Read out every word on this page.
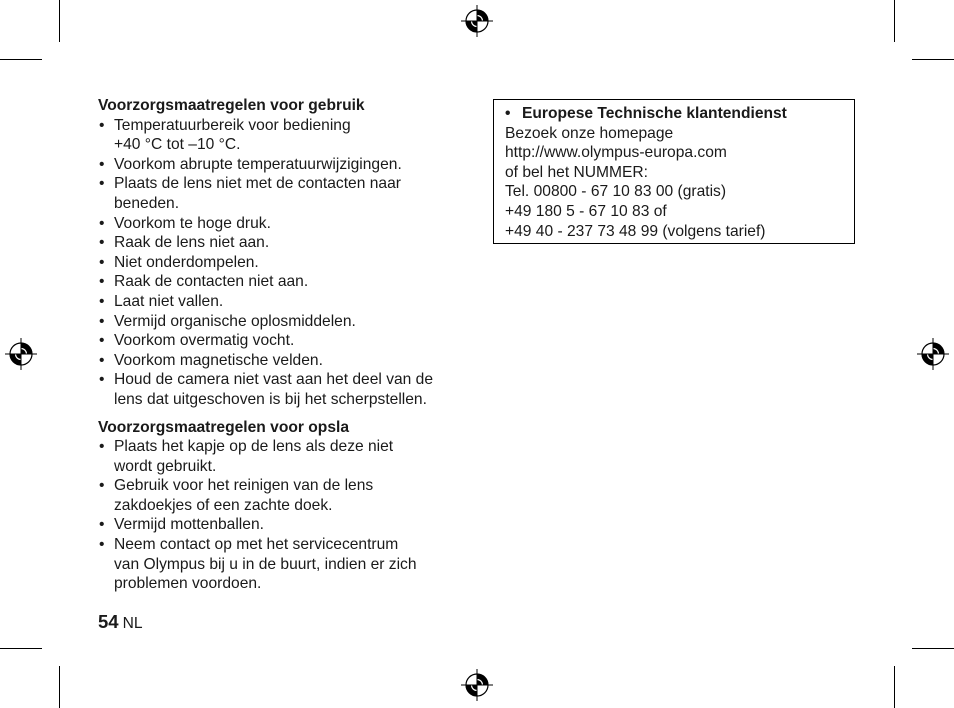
Voorzorgsmaatregelen voor gebruik

• Temperatuurbereik voor bediening
+40 °C tot –10 °C.
• Voorkom abrupte temperatuurwijzigingen.
• Plaats de lens niet met de contacten naar
beneden.
• Voorkom te hoge druk.
• Raak de lens niet aan.
• Niet onderdompelen.
• Raak de contacten niet aan.
• Laat niet vallen.
• Vermijd organische oplosmiddelen.
• Voorkom overmatig vocht.
• Voorkom magnetische velden.
• Houd de camera niet vast aan het deel van de
lens dat uitgeschoven is bij het scherpstellen.

Voorzorgsmaatregelen voor opsla

• Plaats het kapje op de lens als deze niet
wordt gebruikt.
• Gebruik voor het reinigen van de lens
zakdoekjes of een zachte doek.
• Vermijd mottenballen.
• Neem contact op met het servicecentrum
van Olympus bij u in de buurt, indien er zich
problemen voordoen.
• Europese Technische klantendienst
Bezoek onze homepage
http://www.olympus-europa.com
of bel het NUMMER:
Tel. 00800 - 67 10 83 00 (gratis)
+49 180 5 - 67 10 83 of
+49 40 - 237 73 48 99 (volgens tarief)
54 NL
